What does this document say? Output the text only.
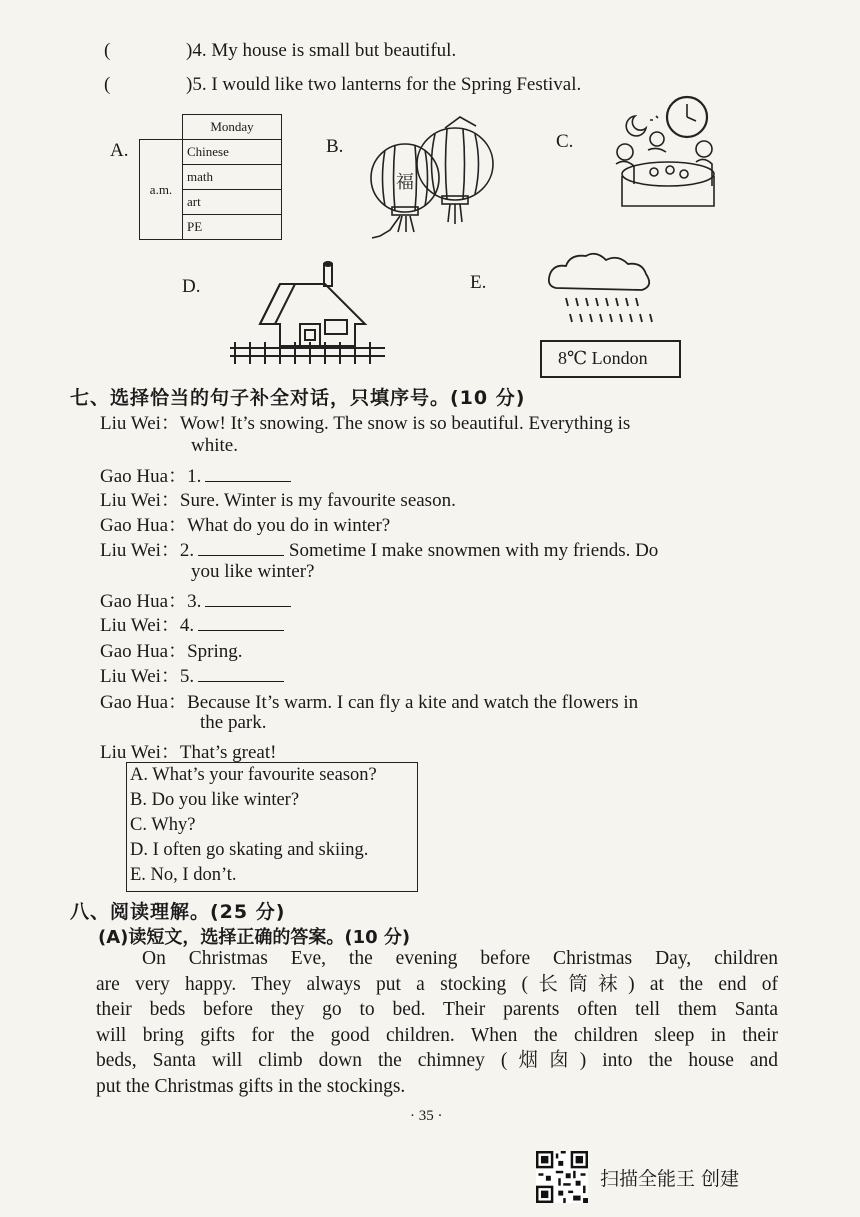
(	)4. My house is small but beautiful.
(	)5. I would like two lanterns for the Spring Festival.
A.
	Monday
a.m.	Chinese
	math
	art
	PE
B.
福
C.
D.	E.
8℃ London
七、选择恰当的句子补全对话，只填序号。(10 分)
Liu Wei：Wow! It’s snowing. The snow is so beautiful. Everything is
white.
Gao Hua：1.
Liu Wei：Sure. Winter is my favourite season.
Gao Hua：What do you do in winter?
Liu Wei：2.	Sometime I make snowmen with my friends. Do
you like winter?
Gao Hua：3.
Liu Wei：4.
Gao Hua：Spring.
Liu Wei：5.
Gao Hua：Because It’s warm. I can fly a kite and watch the flowers in
the park.
Liu Wei：That’s great!
A. What’s your favourite season?
B. Do you like winter?
C. Why?
D. I often go skating and skiing.
E. No, I don’t.
八、阅读理解。(25 分)
(A)读短文，选择正确的答案。(10 分)
On Christmas Eve, the evening before Christmas Day, children
are very happy. They always put a stocking (长筒袜) at the end of
their beds before they go to bed. Their parents often tell them Santa
will bring gifts for the good children. When the children sleep in their
beds, Santa will climb down the chimney (烟囱) into the house and
put the Christmas gifts in the stockings.
· 35 ·
扫描全能王 创建
